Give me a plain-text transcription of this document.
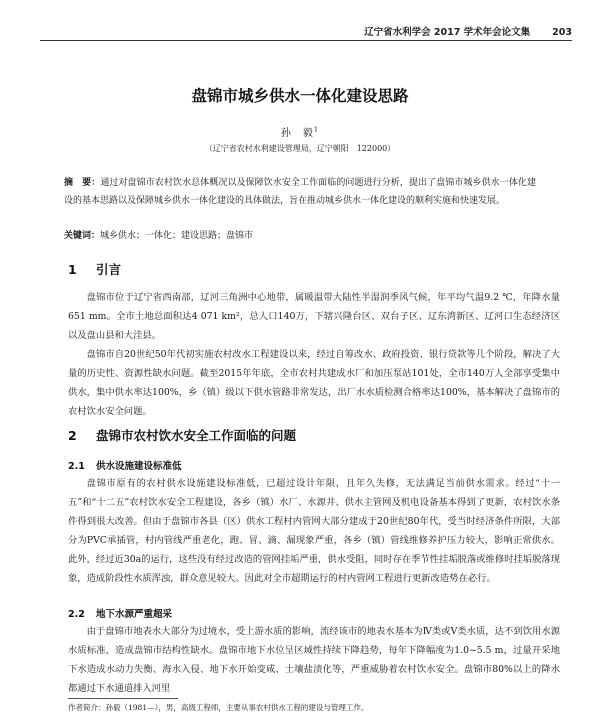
辽宁省水利学会 2017 学术年会论文集 203
盘锦市城乡供水一体化建设思路
孙　毅$^1$
（辽宁省农村水利建设管理局，辽宁朝阳　122000）
摘　要：通过对盘锦市农村饮水总体概况以及保障饮水安全工作面临的问题进行分析，提出了盘锦市城乡供水一体化建设的基本思路以及保障城乡供水一体化建设的具体做法，旨在推动城乡供水一体化建设的顺利实施和快速发展。
关键词：城乡供水；一体化；建设思路；盘锦市
1 引言
盘锦市位于辽宁省西南部，辽河三角洲中心地带，属暖温带大陆性半湿润季风气候，年平均气温9.2 ℃，年降水量651 mm。全市土地总面积达4 071 km²，总人口140万，下辖兴隆台区、双台子区、辽东湾新区、辽河口生态经济区以及盘山县和大洼县。
盘锦市自20世纪50年代初实施农村改水工程建设以来，经过自筹改水、政府投资、银行贷款等几个阶段，解决了大量的历史性、资源性缺水问题。截至2015年年底，全市农村共建成水厂和加压泵站101处，全市140万人全部享受集中供水，集中供水率达100%，乡（镇）级以下供水管路非常发达，出厂水水质检测合格率达100%，基本解决了盘锦市的农村饮水安全问题。
2 盘锦市农村饮水安全工作面临的问题
2.1 供水设施建设标准低
盘锦市原有的农村供水设施建设标准低，已超过设计年限，且年久失修，无法满足当前供水需求。经过“十一五”和“十二五”农村饮水安全工程建设，各乡（镇）水厂、水源井、供水主管网及机电设备基本得到了更新，农村饮水条件得到很大改善。但由于盘锦市各县（区）供水工程村内管网大部分建成于20世纪80年代，受当时经济条件所限，大部分为PVC承插管，村内管线严重老化，跑、冒、滴、漏现象严重，各乡（镇）管线维修养护压力较大，影响正常供水。此外，经过近30a的运行，这些没有经过改造的管网挂垢严重，供水受阻，同时存在季节性挂垢脱落或维修时挂垢脱落现象，造成阶段性水质浑浊，群众意见较大。因此对全市超期运行的村内管网工程进行更新改造势在必行。
2.2 地下水源严重超采
由于盘锦市地表水大部分为过境水，受上游水质的影响，流经该市的地表水基本为Ⅳ类或Ⅴ类水质，达不到饮用水源水质标准，造成盘锦市结构性缺水。盘锦市地下水位呈区域性持续下降趋势，每年下降幅度为1.0~5.5 m，过量开采地下水造成水动力失衡、海水入侵、地下水开始变咸、土壤盐渍化等，严重威胁着农村饮水安全。盘锦市80%以上的降水都通过下水通道排入河里
作者简介：孙毅（1981—），男，高级工程师，主要从事农村供水工程的建设与管理工作。
